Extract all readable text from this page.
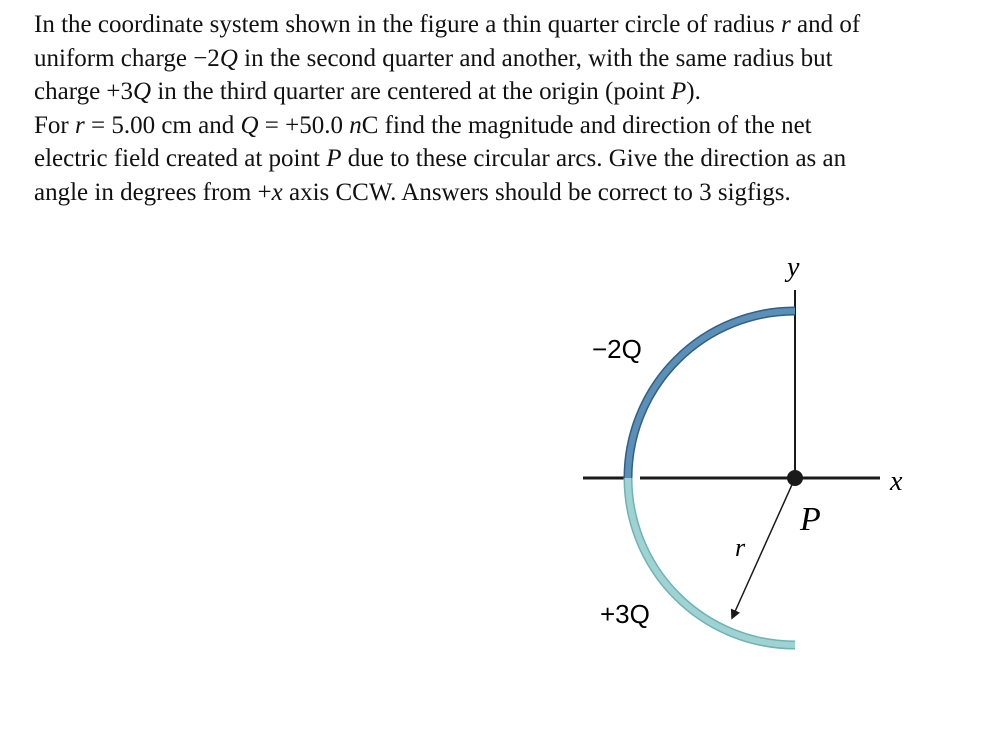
In the coordinate system shown in the figure a thin quarter circle of radius r and of

uniform charge −2Q in the second quarter and another, with the same radius but

charge +3Q in the third quarter are centered at the origin (point P).

For r = 5.00 cm and Q = +50.0 nC find the magnitude and direction of the net

electric field created at point P due to these circular arcs. Give the direction as an

angle in degrees from +x axis CCW. Answers should be correct to 3 sigfigs.

y
x
P
r
−2Q
+3Q
